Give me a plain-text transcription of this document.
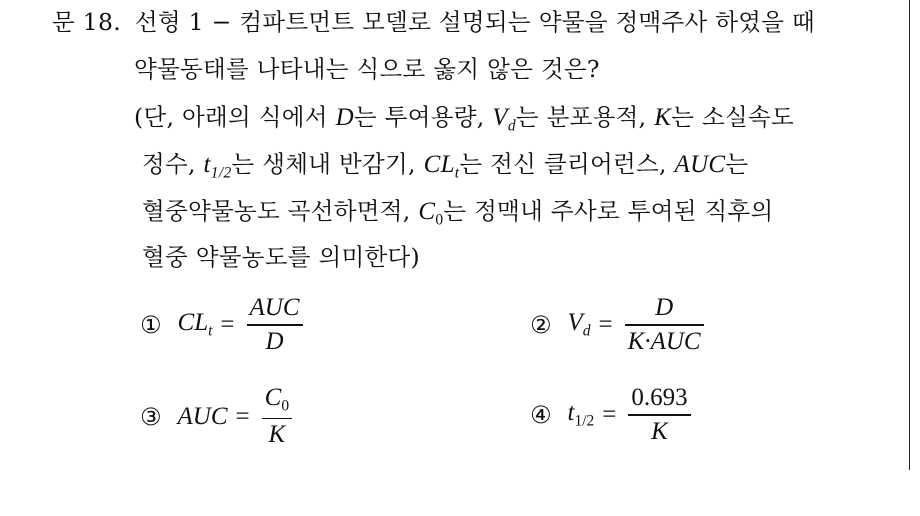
문 18. 선형 1 − 컴파트먼트 모델로 설명되는 약물을 정맥주사 하였을 때
약물동태를 나타내는 식으로 옳지 않은 것은?
(단, 아래의 식에서 D는 투여용량, $V_d$는 분포용적, K는 소실속도
정수, $t_{1/2}$는 생체내 반감기, $CL_t$는 전신 클리어런스, AUC는
혈중약물농도 곡선하면적, $C_0$는 정맥내 주사로 투여된 직후의
혈중 약물농도를 의미한다)
① $CL_t = \frac{\text{AUC}}{D}$	② $V_d = \frac{D}{\text{K·AUC}}$
③ AUC = $\frac{C_0}{K}$	④ $t_{1/2} = \frac{0.693}{K}$
